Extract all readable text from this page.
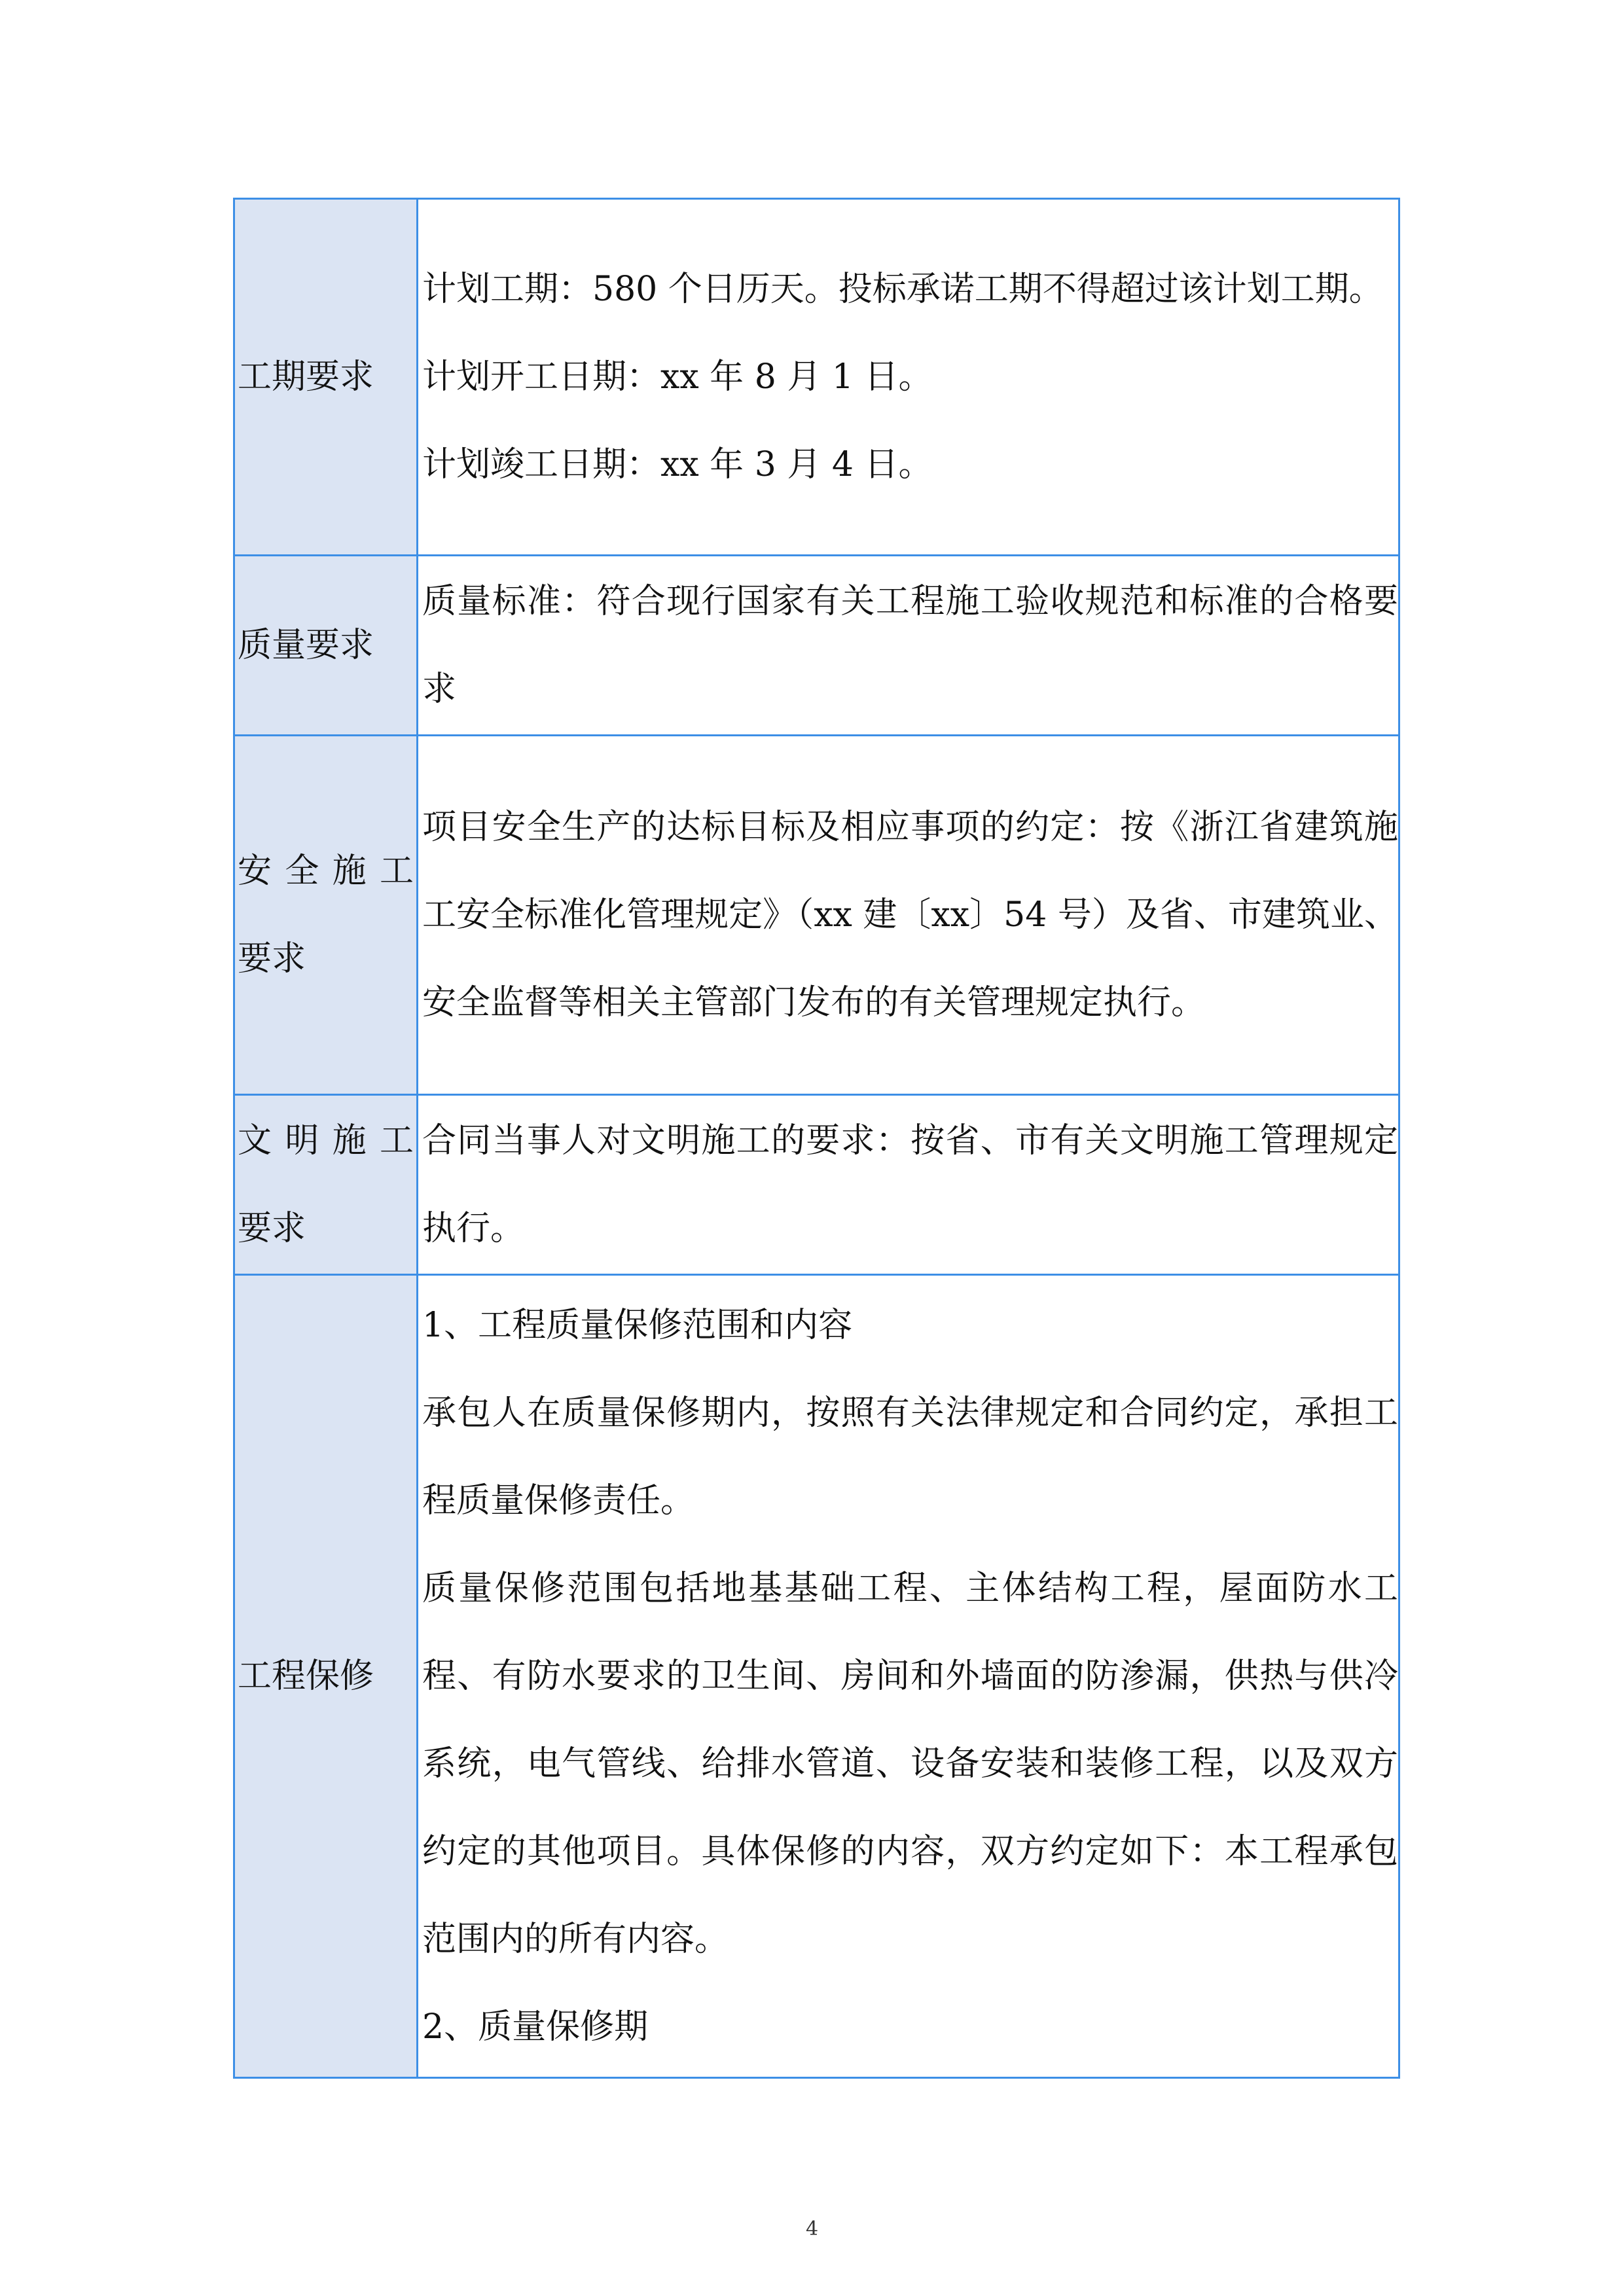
工期要求	计划工期：580 个日历天。投标承诺工期不得超过该计划工期。
计划开工日期：xx 年 8 月 1 日。
计划竣工日期：xx 年 3 月 4 日。

质量要求	质量标准：符合现行国家有关工程施工验收规范和标准的合格要求

安 全 施 工要求	项目安全生产的达标目标及相应事项的约定：按《浙江省建筑施工安全标准化管理规定》（xx 建〔xx〕54 号）及省、市建筑业、安全监督等相关主管部门发布的有关管理规定执行。

文 明 施 工要求	合同当事人对文明施工的要求：按省、市有关文明施工管理规定执行。

工程保修	1、工程质量保修范围和内容
承包人在质量保修期内，按照有关法律规定和合同约定，承担工程质量保修责任。
质量保修范围包括地基基础工程、主体结构工程，屋面防水工程、有防水要求的卫生间、房间和外墙面的防渗漏，供热与供冷系统，电气管线、给排水管道、设备安装和装修工程，以及双方约定的其他项目。具体保修的内容，双方约定如下：本工程承包范围内的所有内容。
2、质量保修期
4
